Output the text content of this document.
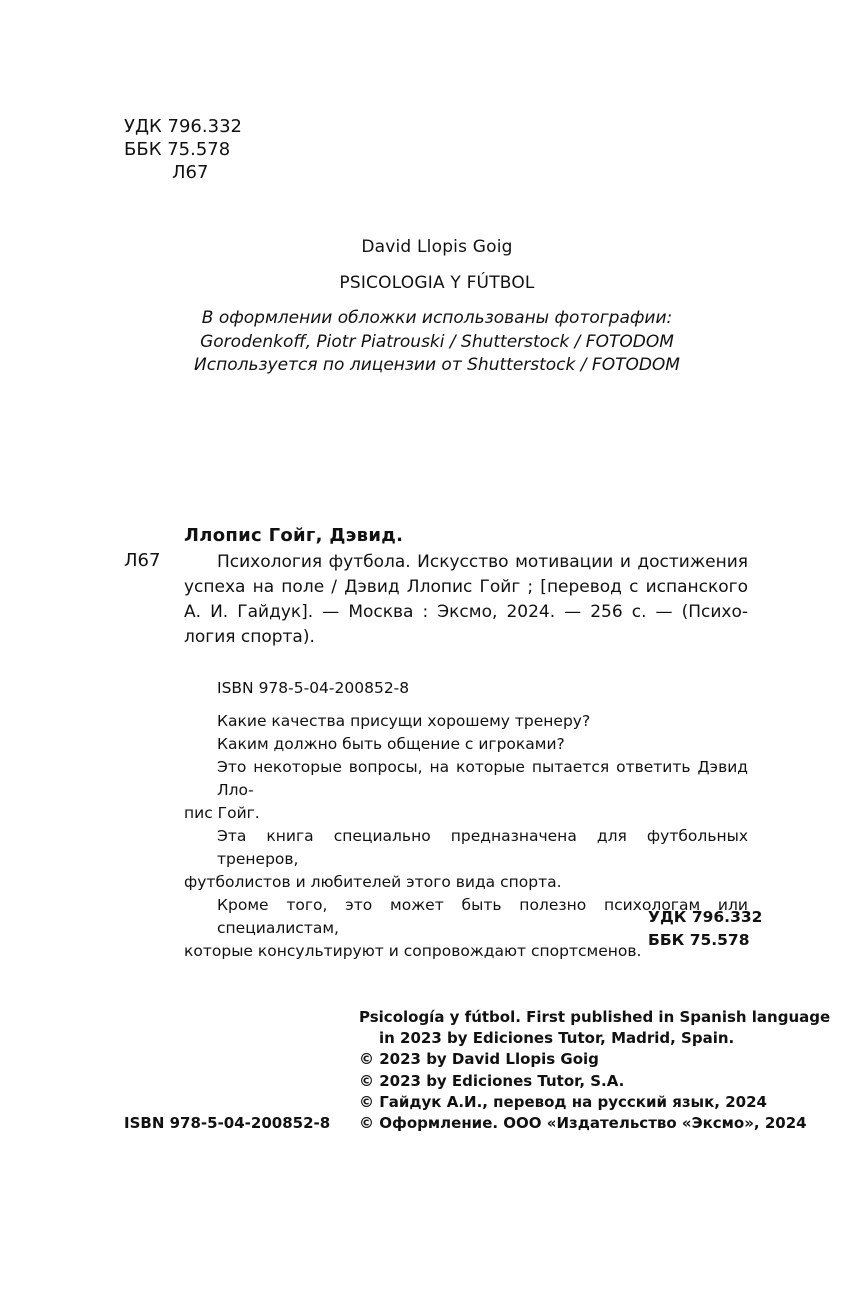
УДК 796.332
ББК 75.578
Л67
David Llopis Goig
PSICOLOGIA Y FÚTBOL
В оформлении обложки использованы фотографии:
Gorodenkoff, Piotr Piatrouski / Shutterstock / FOTODOM
Используется по лицензии от Shutterstock / FOTODOM
Ллопис Гойг, Дэвид.
Л67	Психология футбола. Искусство мотивации и достижения
успеха на поле / Дэвид Ллопис Гойг ; [перевод с испанского
А. И. Гайдук]. — Москва : Эксмо, 2024. — 256 с. — (Психо-
логия спорта).
ISBN 978-5-04-200852-8
Какие качества присущи хорошему тренеру?
Каким должно быть общение с игроками?
Это некоторые вопросы, на которые пытается ответить Дэвид Лло-
пис Гойг.
Эта книга специально предназначена для футбольных тренеров,
футболистов и любителей этого вида спорта.
Кроме того, это может быть полезно психологам или специалистам,
которые консультируют и сопровождают спортсменов.
УДК 796.332
ББК 75.578
Psicología y fútbol. First published in Spanish language
in 2023 by Ediciones Tutor, Madrid, Spain.
© 2023 by David Llopis Goig
© 2023 by Ediciones Tutor, S.A.
© Гайдук А.И., перевод на русский язык, 2024
© Оформление. ООО «Издательство «Эксмо», 2024
ISBN 978-5-04-200852-8
